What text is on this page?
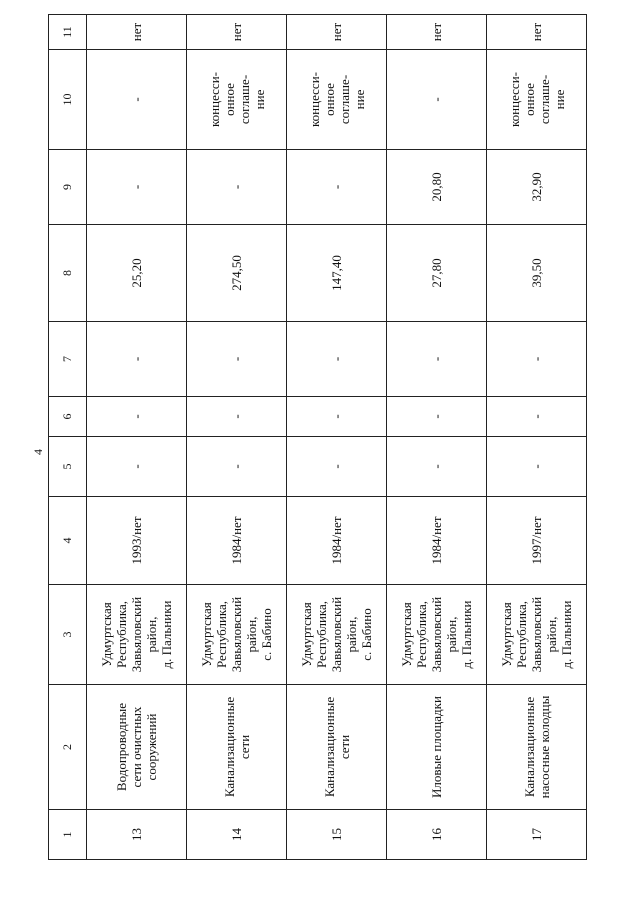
4
1	2	3	4	5	6	7	8	9	10	11
13	Водопроводные
сети очистных
сооружений	Удмуртская
Республика,
Завьяловский
район,
д. Пальники	1993/нет	-	-	-	25,20	-	-	нет
14	Канализационные
сети	Удмуртская
Республика,
Завьяловский
район,
с. Бабино	1984/нет	-	-	-	274,50	-	концесси-
онное
соглаше-
ние	нет
15	Канализационные
сети	Удмуртская
Республика,
Завьяловский
район,
с. Бабино	1984/нет	-	-	-	147,40	-	концесси-
онное
соглаше-
ние	нет
16	Иловые площадки	Удмуртская
Республика,
Завьяловский
район,
д. Пальники	1984/нет	-	-	-	27,80	20,80	-	нет
17	Канализационные
насосные колодцы	Удмуртская
Республика,
Завьяловский
район,
д. Пальники	1997/нет	-	-	-	39,50	32,90	концесси-
онное
соглаше-
ние	нет
